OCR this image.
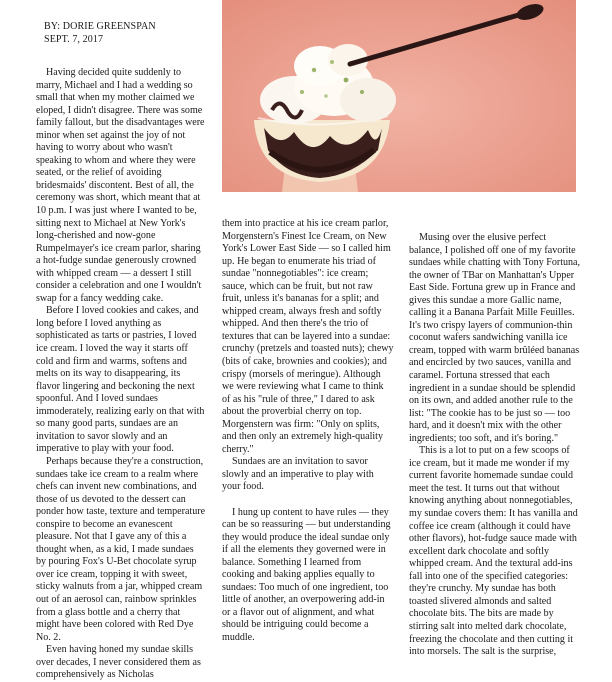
BY: DORIE GREENSPAN
SEPT. 7, 2017

Having decided quite suddenly to marry, Michael and I had a wedding so small that when my mother claimed we eloped, I didn't disagree. There was some family fallout, but the disadvantages were minor when set against the joy of not having to worry about who wasn't speaking to whom and where they were seated, or the relief of avoiding bridesmaids' discontent. Best of all, the ceremony was short, which meant that at 10 p.m. I was just where I wanted to be, sitting next to Michael at New York's long-cherished and now-gone Rumpelmayer's ice cream parlor, sharing a hot-fudge sundae generously crowned with whipped cream — a dessert I still consider a celebration and one I wouldn't swap for a fancy wedding cake.

Before I loved cookies and cakes, and long before I loved anything as sophisticated as tarts or pastries, I loved ice cream. I loved the way it starts off cold and firm and warms, softens and melts on its way to disappearing, its flavor lingering and beckoning the next spoonful. And I loved sundaes immoderately, realizing early on that with so many good parts, sundaes are an invitation to savor slowly and an imperative to play with your food.

Perhaps because they're a construction, sundaes take ice cream to a realm where chefs can invent new combinations, and those of us devoted to the dessert can ponder how taste, texture and temperature conspire to become an evanescent pleasure. Not that I gave any of this a thought when, as a kid, I made sundaes by pouring Fox's U-Bet chocolate syrup over ice cream, topping it with sweet, sticky walnuts from a jar, whipped cream out of an aerosol can, rainbow sprinkles from a glass bottle and a cherry that might have been colored with Red Dye No. 2.

Even having honed my sundae skills over decades, I never considered them as comprehensively as Nicholas

them into practice at his ice cream parlor, Morgenstern's Finest Ice Cream, on New York's Lower East Side — so I called him up. He began to enumerate his triad of sundae "nonnegotiables": ice cream; sauce, which can be fruit, but not raw fruit, unless it's bananas for a split; and whipped cream, always fresh and softly whipped. And then there's the trio of textures that can be layered into a sundae: crunchy (pretzels and toasted nuts); chewy (bits of cake, brownies and cookies); and crispy (morsels of meringue). Although we were reviewing what I came to think of as his "rule of three," I dared to ask about the proverbial cherry on top. Morgenstern was firm: "Only on splits, and then only an extremely high-quality cherry."

Sundaes are an invitation to savor slowly and an imperative to play with your food.

I hung up content to have rules — they can be so reassuring — but understanding they would produce the ideal sundae only if all the elements they governed were in balance. Something I learned from cooking and baking applies equally to sundaes: Too much of one ingredient, too little of another, an overpowering add-in or a flavor out of alignment, and what should be intriguing could become a muddle.

Musing over the elusive perfect balance, I polished off one of my favorite sundaes while chatting with Tony Fortuna, the owner of TBar on Manhattan's Upper East Side. Fortuna grew up in France and gives this sundae a more Gallic name, calling it a Banana Parfait Mille Feuilles. It's two crispy layers of communion-thin coconut wafers sandwiching vanilla ice cream, topped with warm brûléed bananas and encircled by two sauces, vanilla and caramel. Fortuna stressed that each ingredient in a sundae should be splendid on its own, and added another rule to the list: "The cookie has to be just so — too hard, and it doesn't mix with the other ingredients; too soft, and it's boring."

This is a lot to put on a few scoops of ice cream, but it made me wonder if my current favorite homemade sundae could meet the test. It turns out that without knowing anything about nonnegotiables, my sundae covers them: It has vanilla and coffee ice cream (although it could have other flavors), hot-fudge sauce made with excellent dark chocolate and softly whipped cream. And the textural add-ins fall into one of the specified categories: they're crunchy. My sundae has both toasted slivered almonds and salted chocolate bits. The bits are made by stirring salt into melted dark chocolate, freezing the chocolate and then cutting it into morsels. The salt is the surprise,
